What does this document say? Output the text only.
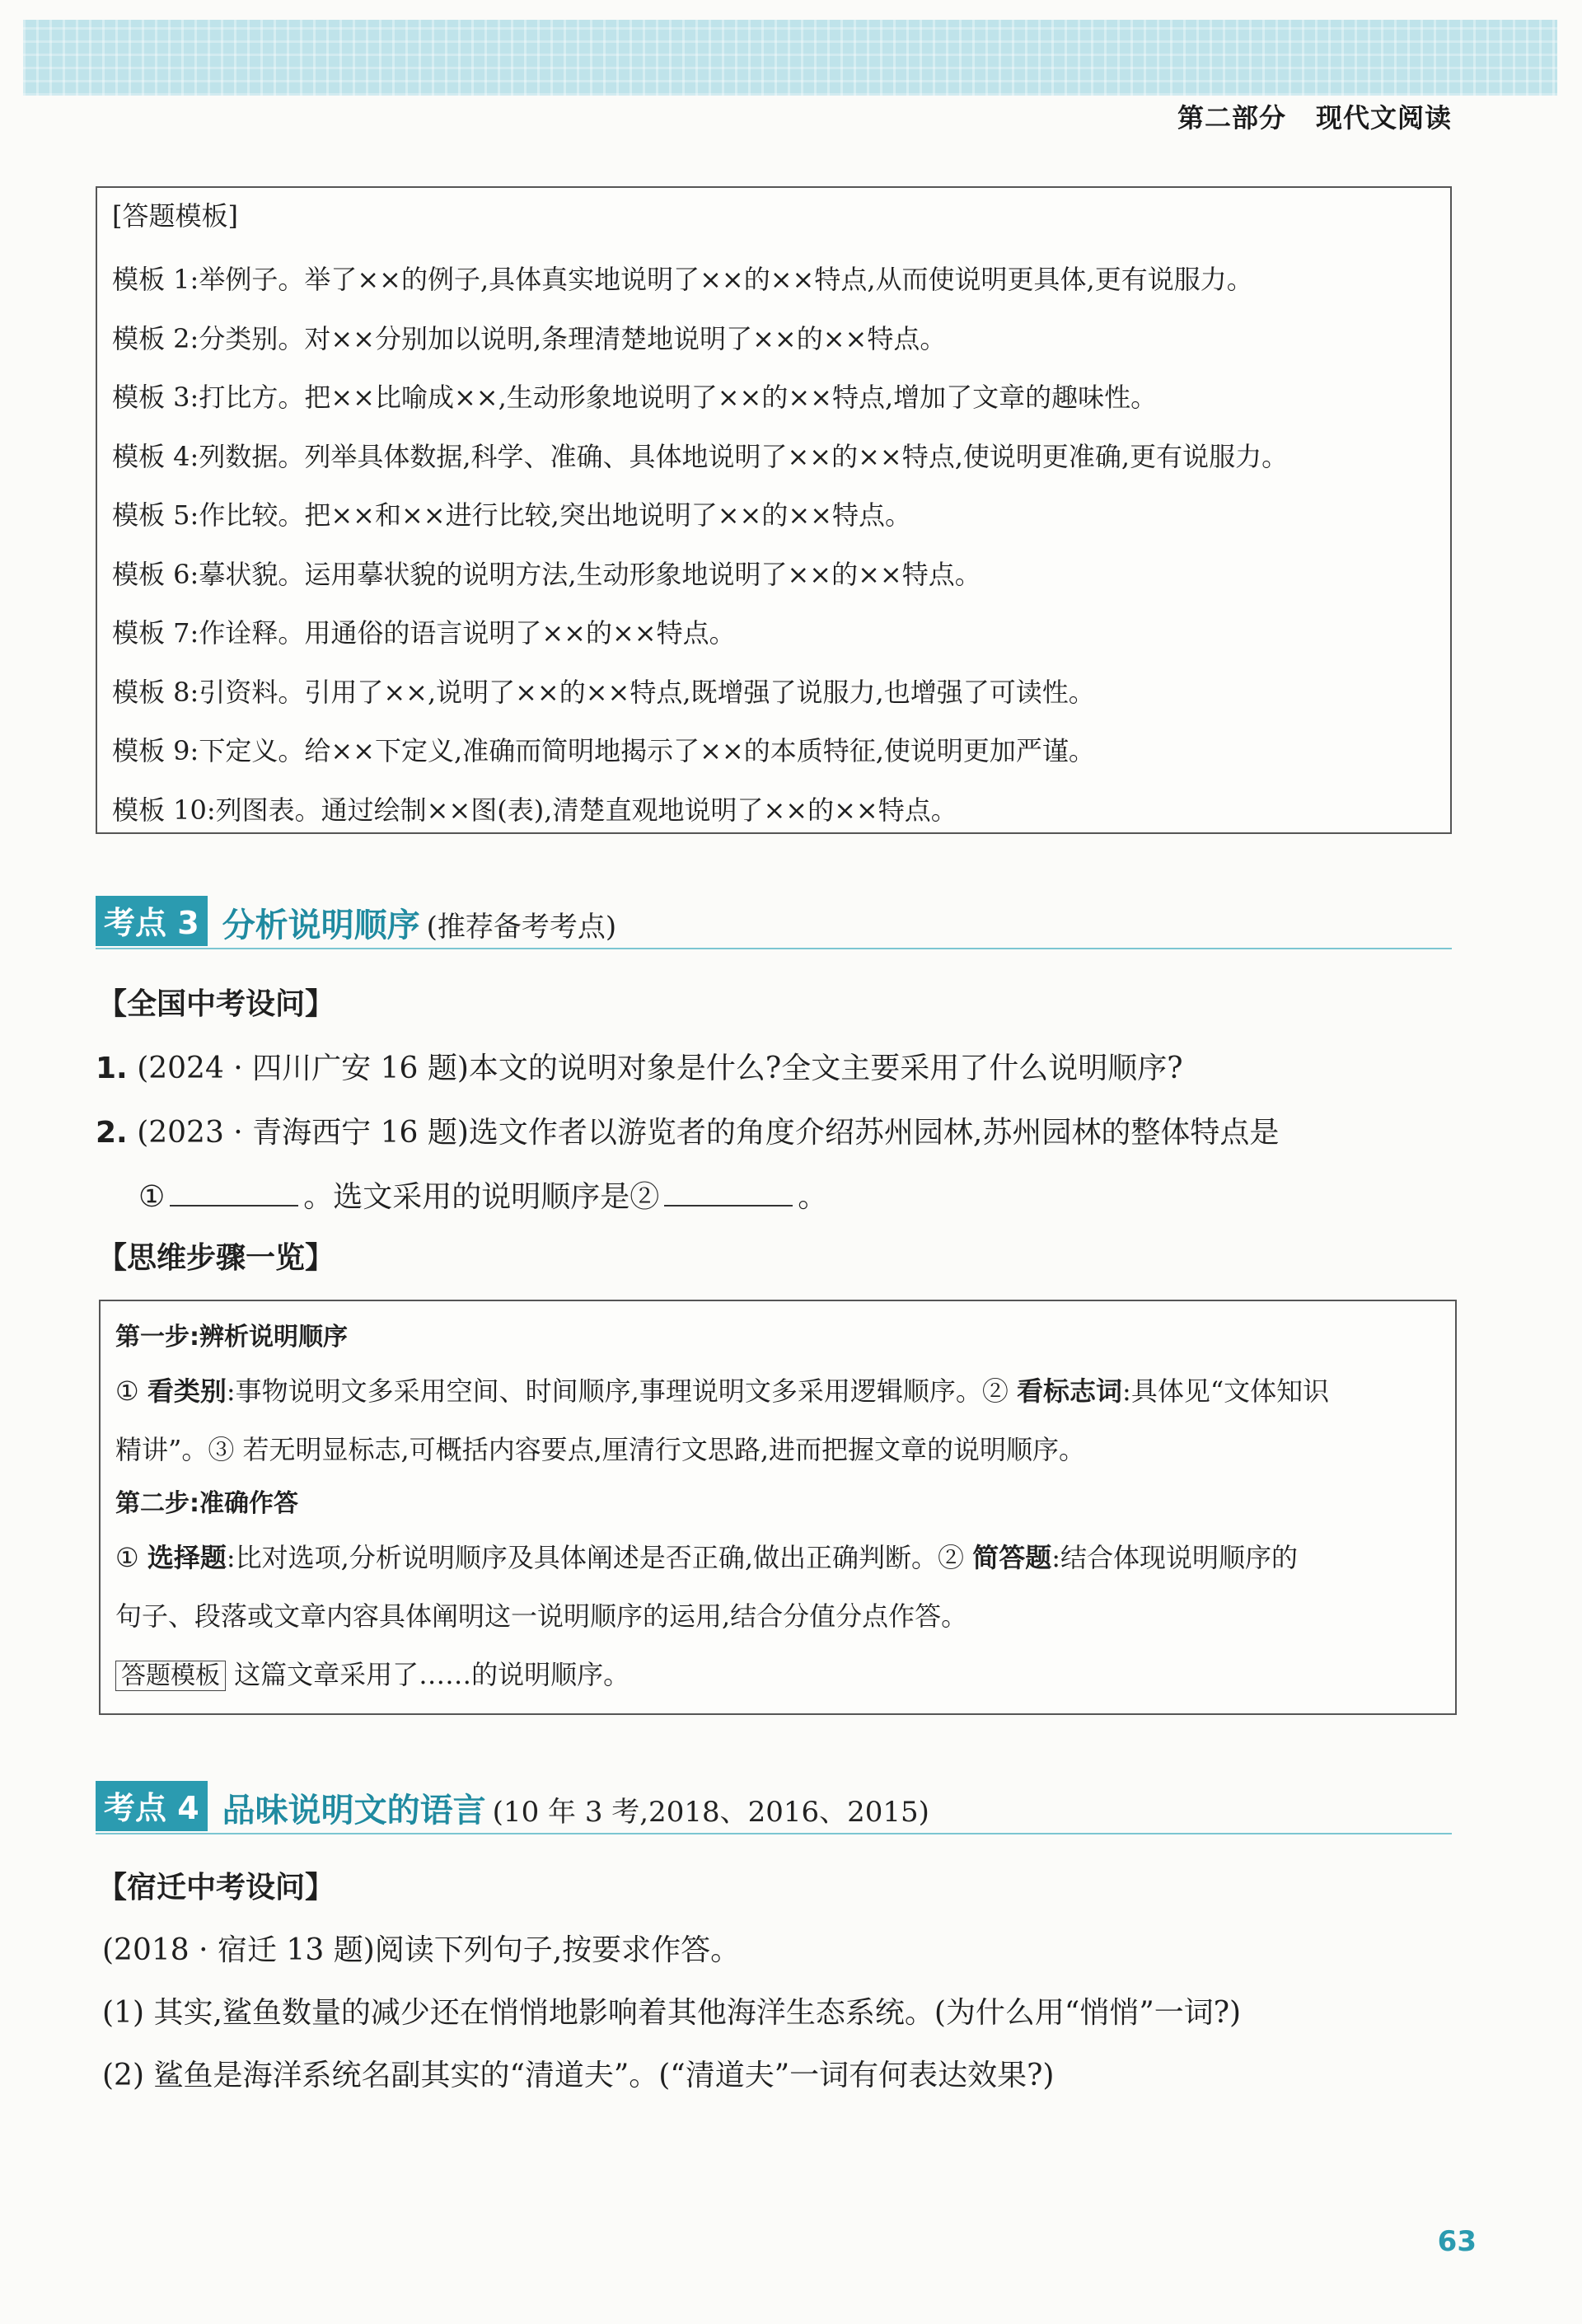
第二部分 现代文阅读
[答题模板]
模板 1:举例子。举了××的例子,具体真实地说明了××的××特点,从而使说明更具体,更有说服力。
模板 2:分类别。对××分别加以说明,条理清楚地说明了××的××特点。
模板 3:打比方。把××比喻成××,生动形象地说明了××的××特点,增加了文章的趣味性。
模板 4:列数据。列举具体数据,科学、准确、具体地说明了××的××特点,使说明更准确,更有说服力。
模板 5:作比较。把××和××进行比较,突出地说明了××的××特点。
模板 6:摹状貌。运用摹状貌的说明方法,生动形象地说明了××的××特点。
模板 7:作诠释。用通俗的语言说明了××的××特点。
模板 8:引资料。引用了××,说明了××的××特点,既增强了说服力,也增强了可读性。
模板 9:下定义。给××下定义,准确而简明地揭示了××的本质特征,使说明更加严谨。
模板 10:列图表。通过绘制××图(表),清楚直观地说明了××的××特点。
考点 3 分析说明顺序 (推荐备考考点)
【全国中考设问】
1. (2024 · 四川广安 16 题)本文的说明对象是什么?全文主要采用了什么说明顺序?
2. (2023 · 青海西宁 16 题)选文作者以游览者的角度介绍苏州园林,苏州园林的整体特点是
①	。选文采用的说明顺序是②	。
【思维步骤一览】
第一步:辨析说明顺序
① 看类别:事物说明文多采用空间、时间顺序,事理说明文多采用逻辑顺序。② 看标志词:具体见“文体知识
精讲”。③ 若无明显标志,可概括内容要点,厘清行文思路,进而把握文章的说明顺序。
第二步:准确作答
① 选择题:比对选项,分析说明顺序及具体阐述是否正确,做出正确判断。② 简答题:结合体现说明顺序的
句子、段落或文章内容具体阐明这一说明顺序的运用,结合分值分点作答。
答题模板 这篇文章采用了……的说明顺序。
考点 4 品味说明文的语言 (10 年 3 考,2018、2016、2015)
【宿迁中考设问】
(2018 · 宿迁 13 题)阅读下列句子,按要求作答。
(1) 其实,鲨鱼数量的减少还在悄悄地影响着其他海洋生态系统。(为什么用“悄悄”一词?)
(2) 鲨鱼是海洋系统名副其实的“清道夫”。(“清道夫”一词有何表达效果?)
63
